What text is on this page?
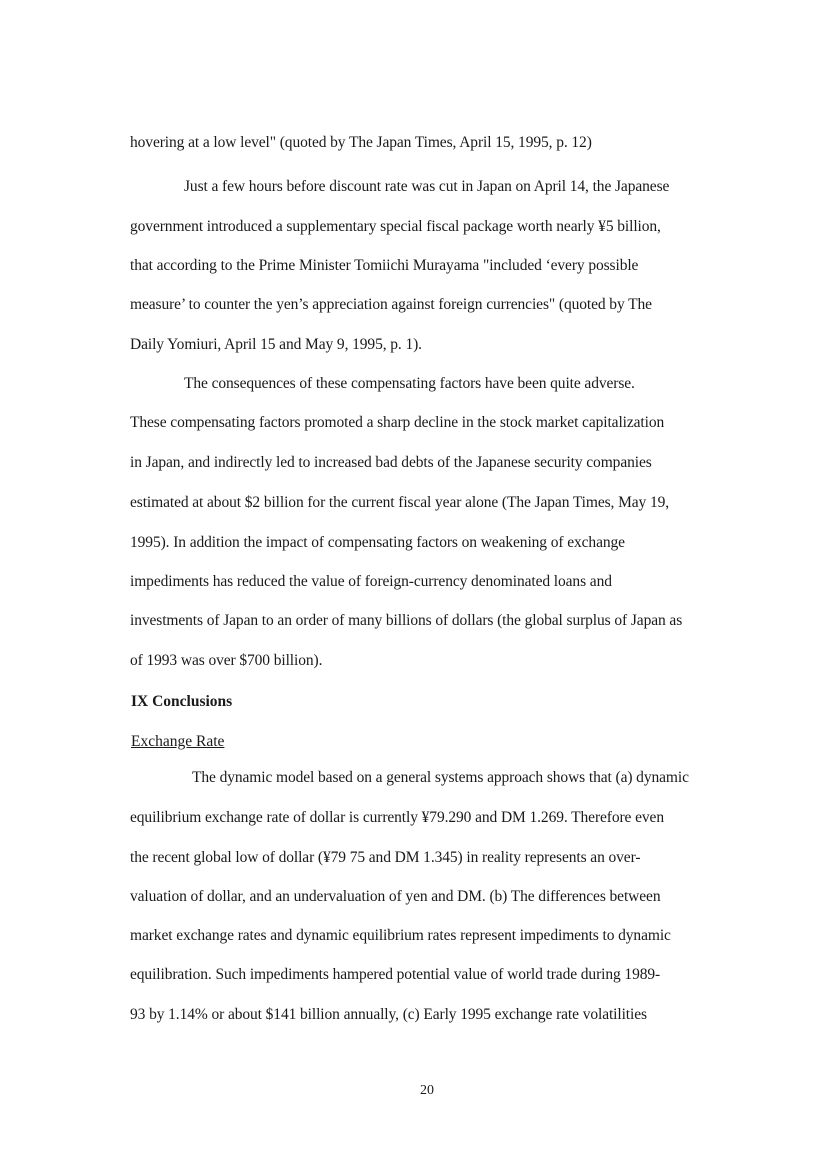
hovering at a low level" (quoted by The Japan Times, April 15, 1995, p. 12)
Just a few hours before discount rate was cut in Japan on April 14, the Japanese
government introduced a supplementary special fiscal package worth nearly ¥5 billion,
that according to the Prime Minister Tomiichi Murayama "included ‘every possible
measure’ to counter the yen’s appreciation against foreign currencies" (quoted by The
Daily Yomiuri, April 15 and May 9, 1995, p. 1).
The consequences of these compensating factors have been quite adverse.
These compensating factors promoted a sharp decline in the stock market capitalization
in Japan, and indirectly led to increased bad debts of the Japanese security companies
estimated at about $2 billion for the current fiscal year alone (The Japan Times, May 19,
1995). In addition the impact of compensating factors on weakening of exchange
impediments has reduced the value of foreign-currency denominated loans and
investments of Japan to an order of many billions of dollars (the global surplus of Japan as
of 1993 was over $700 billion).
IX Conclusions
Exchange Rate
The dynamic model based on a general systems approach shows that (a) dynamic
equilibrium exchange rate of dollar is currently ¥79.290 and DM 1.269. Therefore even
the recent global low of dollar (¥79 75 and DM 1.345) in reality represents an over-
valuation of dollar, and an undervaluation of yen and DM. (b) The differences between
market exchange rates and dynamic equilibrium rates represent impediments to dynamic
equilibration. Such impediments hampered potential value of world trade during 1989-
93 by 1.14% or about $141 billion annually, (c) Early 1995 exchange rate volatilities
20
